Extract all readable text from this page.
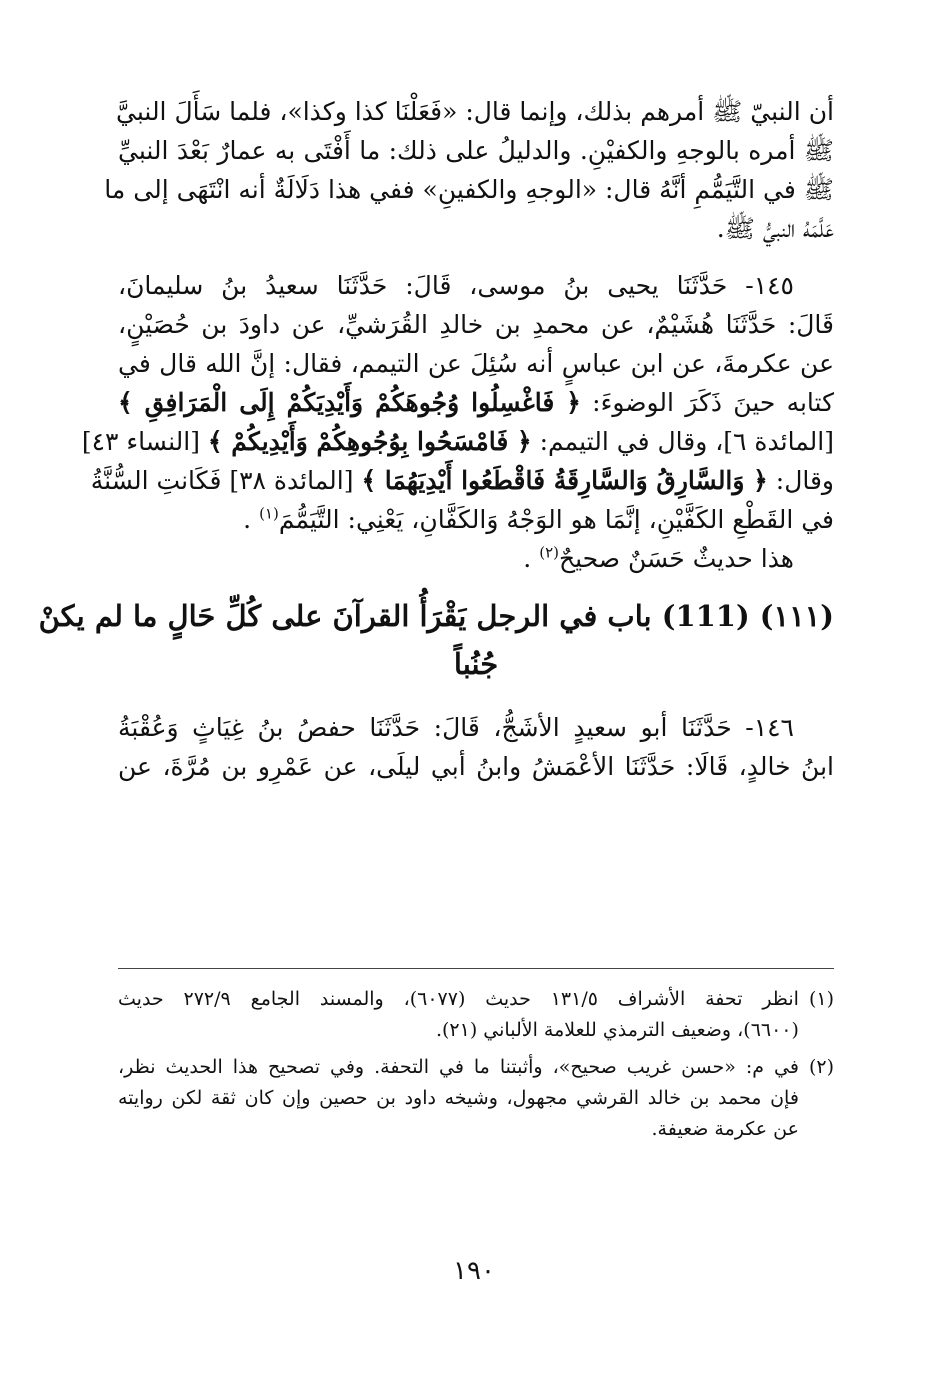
أن النبيّ ﷺ أمرهم بذلك، وإنما قال: «فَعَلْنَا كذا وكذا»، فلما سَأَلَ النبيَّ
ﷺ أمره بالوجهِ والكفيْنِ. والدليلُ على ذلك: ما أَفْتَى به عمارٌ بَعْدَ النبيِّ
ﷺ في التَّيَمُّمِ أنَّهُ قال: «الوجهِ والكفينِ» ففي هذا دَلَالَةٌ أنه انْتَهَى إلى ما
عَلَّمَهُ النبيُّ ﷺ.
١٤٥- حَدَّثَنَا يحيى بنُ موسى، قَالَ: حَدَّثَنَا سعيدُ بنُ سليمانَ،
قَالَ: حَدَّثَنَا هُشَيْمٌ، عن محمدِ بن خالدِ القُرَشيِّ، عن داودَ بن حُصَيْنٍ،
عن عكرمةَ، عن ابن عباسٍ أنه سُئِلَ عن التيمم، فقال: إنَّ الله قال في
كتابه حينَ ذَكَرَ الوضوءَ: ﴿ فَاغْسِلُوا وُجُوهَكُمْ وَأَيْدِيَكُمْ إِلَى الْمَرَافِقِ ﴾
[المائدة ٦]، وقال في التيمم: ﴿ فَامْسَحُوا بِوُجُوهِكُمْ وَأَيْدِيكُمْ ﴾ [النساء ٤٣]
وقال: ﴿ وَالسَّارِقُ وَالسَّارِقَةُ فَاقْطَعُوا أَيْدِيَهُمَا ﴾ [المائدة ٣٨] فَكَانتِ السُّنَّةُ
في القَطْعِ الكَفَّيْنِ، إنَّمَا هو الوَجْهُ وَالكَفَّانِ، يَعْنِي: التَّيَمُّمَ$^{(١)}$ .
هذا حديثٌ حَسَنٌ صحيحٌ$^{(٢)}$ .
(١١١) (111) باب في الرجل يَقْرَأُ القرآنَ على كُلِّ حَالٍ ما لم يكنْ
جُنُباً
١٤٦- حَدَّثَنَا أبو سعيدٍ الأشَجُّ، قَالَ: حَدَّثَنَا حفصُ بنُ غِيَاثٍ وَعُقْبَةُ
ابنُ خالدٍ، قَالَا: حَدَّثَنَا الأعْمَشُ وابنُ أبي ليلَى، عن عَمْرِو بن مُرَّةَ، عن
(١)
انظر تحفة الأشراف ١٣١/٥ حديث (٦٠٧٧)، والمسند الجامع ٢٧٢/٩ حديث
(٦٦٠٠)، وضعيف الترمذي للعلامة الألباني (٢١).
(٢)
في م: «حسن غريب صحيح»، وأثبتنا ما في التحفة. وفي تصحيح هذا الحديث نظر،
فإن محمد بن خالد القرشي مجهول، وشيخه داود بن حصين وإن كان ثقة لكن روايته
عن عكرمة ضعيفة.
١٩٠
